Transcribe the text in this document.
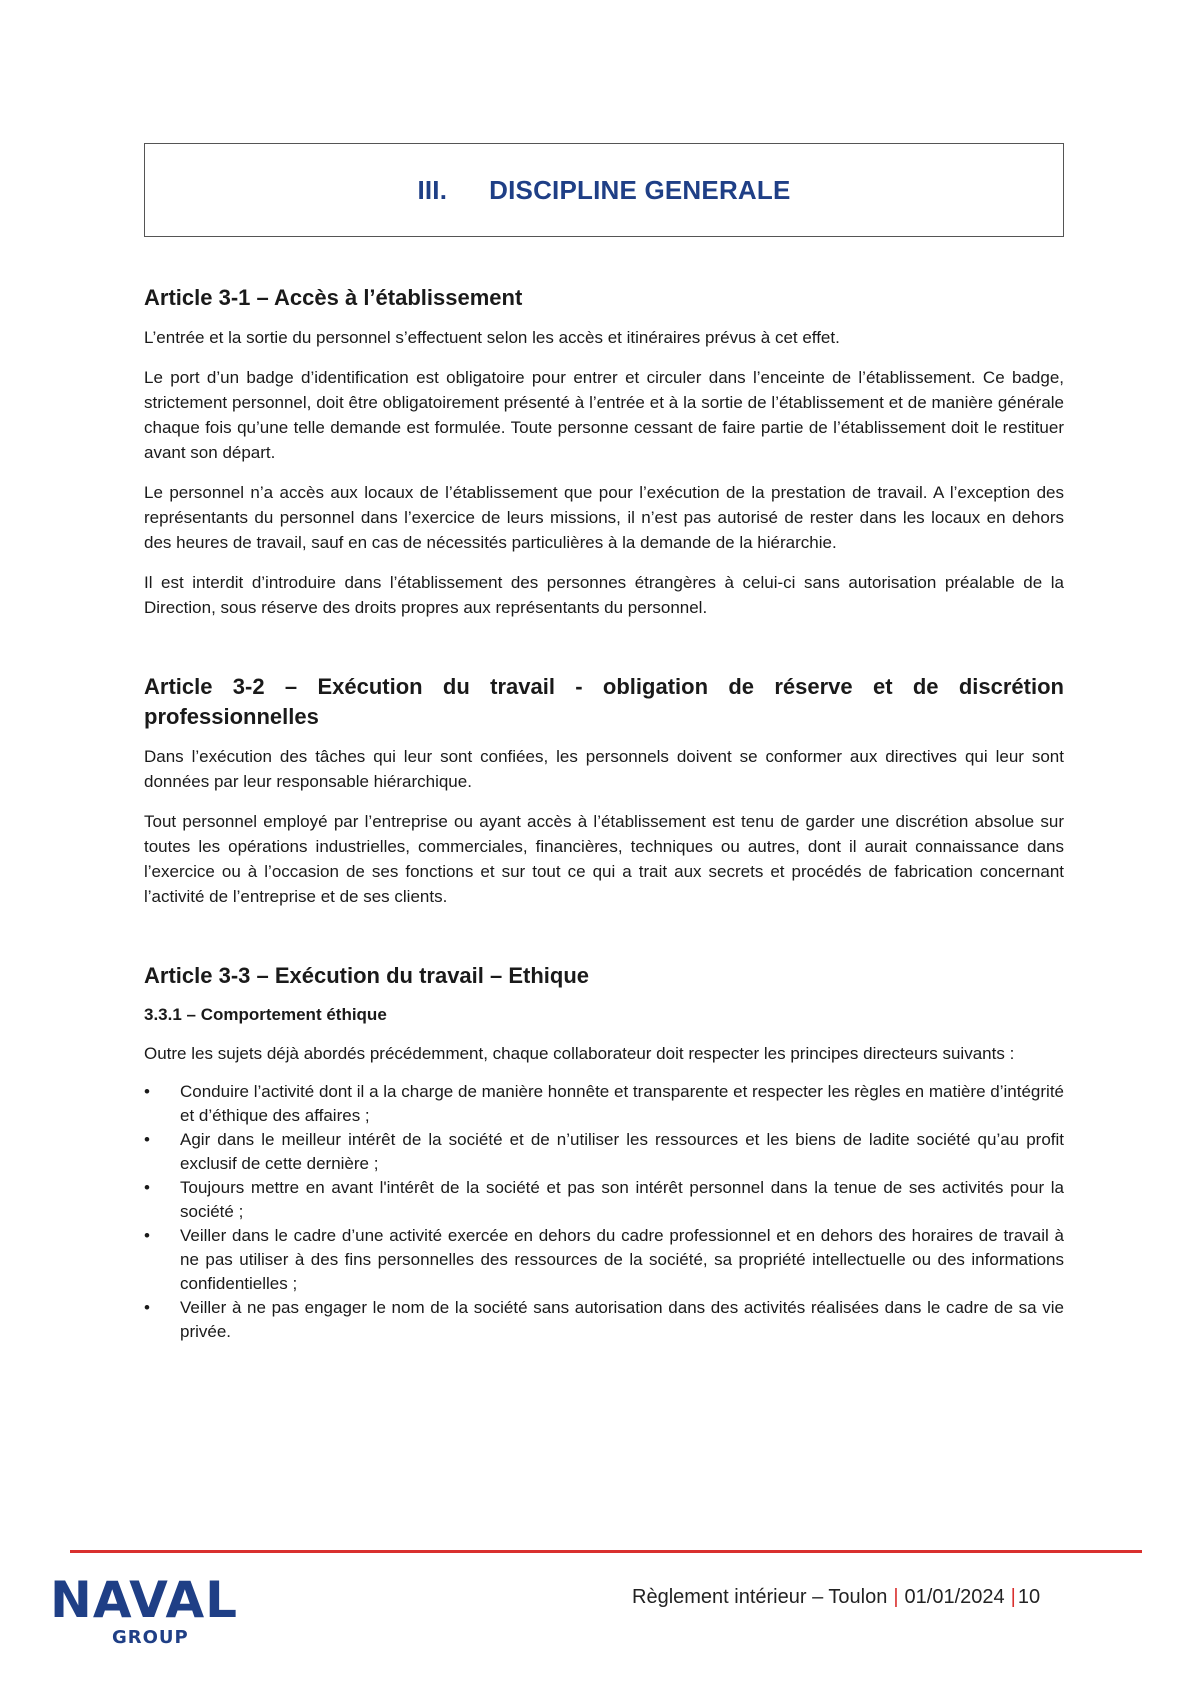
III. DISCIPLINE GENERALE
Article 3-1 – Accès à l’établissement

L’entrée et la sortie du personnel s’effectuent selon les accès et itinéraires prévus à cet effet.

Le port d’un badge d’identification est obligatoire pour entrer et circuler dans l’enceinte de l’établissement. Ce badge, strictement personnel, doit être obligatoirement présenté à l’entrée et à la sortie de l’établissement et de manière générale chaque fois qu’une telle demande est formulée. Toute personne cessant de faire partie de l’établissement doit le restituer avant son départ.

Le personnel n’a accès aux locaux de l’établissement que pour l’exécution de la prestation de travail. A l’exception des représentants du personnel dans l’exercice de leurs missions, il n’est pas autorisé de rester dans les locaux en dehors des heures de travail, sauf en cas de nécessités particulières à la demande de la hiérarchie.

Il est interdit d’introduire dans l’établissement des personnes étrangères à celui-ci sans autorisation préalable de la Direction, sous réserve des droits propres aux représentants du personnel.

Article 3-2 – Exécution du travail - obligation de réserve et de discrétion professionnelles

Dans l’exécution des tâches qui leur sont confiées, les personnels doivent se conformer aux directives qui leur sont données par leur responsable hiérarchique.

Tout personnel employé par l’entreprise ou ayant accès à l’établissement est tenu de garder une discrétion absolue sur toutes les opérations industrielles, commerciales, financières, techniques ou autres, dont il aurait connaissance dans l’exercice ou à l’occasion de ses fonctions et sur tout ce qui a trait aux secrets et procédés de fabrication concernant l’activité de l’entreprise et de ses clients.

Article 3-3 – Exécution du travail – Ethique
3.3.1 – Comportement éthique

Outre les sujets déjà abordés précédemment, chaque collaborateur doit respecter les principes directeurs suivants :

• Conduire l’activité dont il a la charge de manière honnête et transparente et respecter les règles en matière d’intégrité et d’éthique des affaires ;
• Agir dans le meilleur intérêt de la société et de n’utiliser les ressources et les biens de ladite société qu’au profit exclusif de cette dernière ;
• Toujours mettre en avant l'intérêt de la société et pas son intérêt personnel dans la tenue de ses activités pour la société ;
• Veiller dans le cadre d’une activité exercée en dehors du cadre professionnel et en dehors des horaires de travail à ne pas utiliser à des fins personnelles des ressources de la société, sa propriété intellectuelle ou des informations confidentielles ;
• Veiller à ne pas engager le nom de la société sans autorisation dans des activités réalisées dans le cadre de sa vie privée.
NAVAL
GROUP
Règlement intérieur – Toulon | 01/01/2024 | 10
